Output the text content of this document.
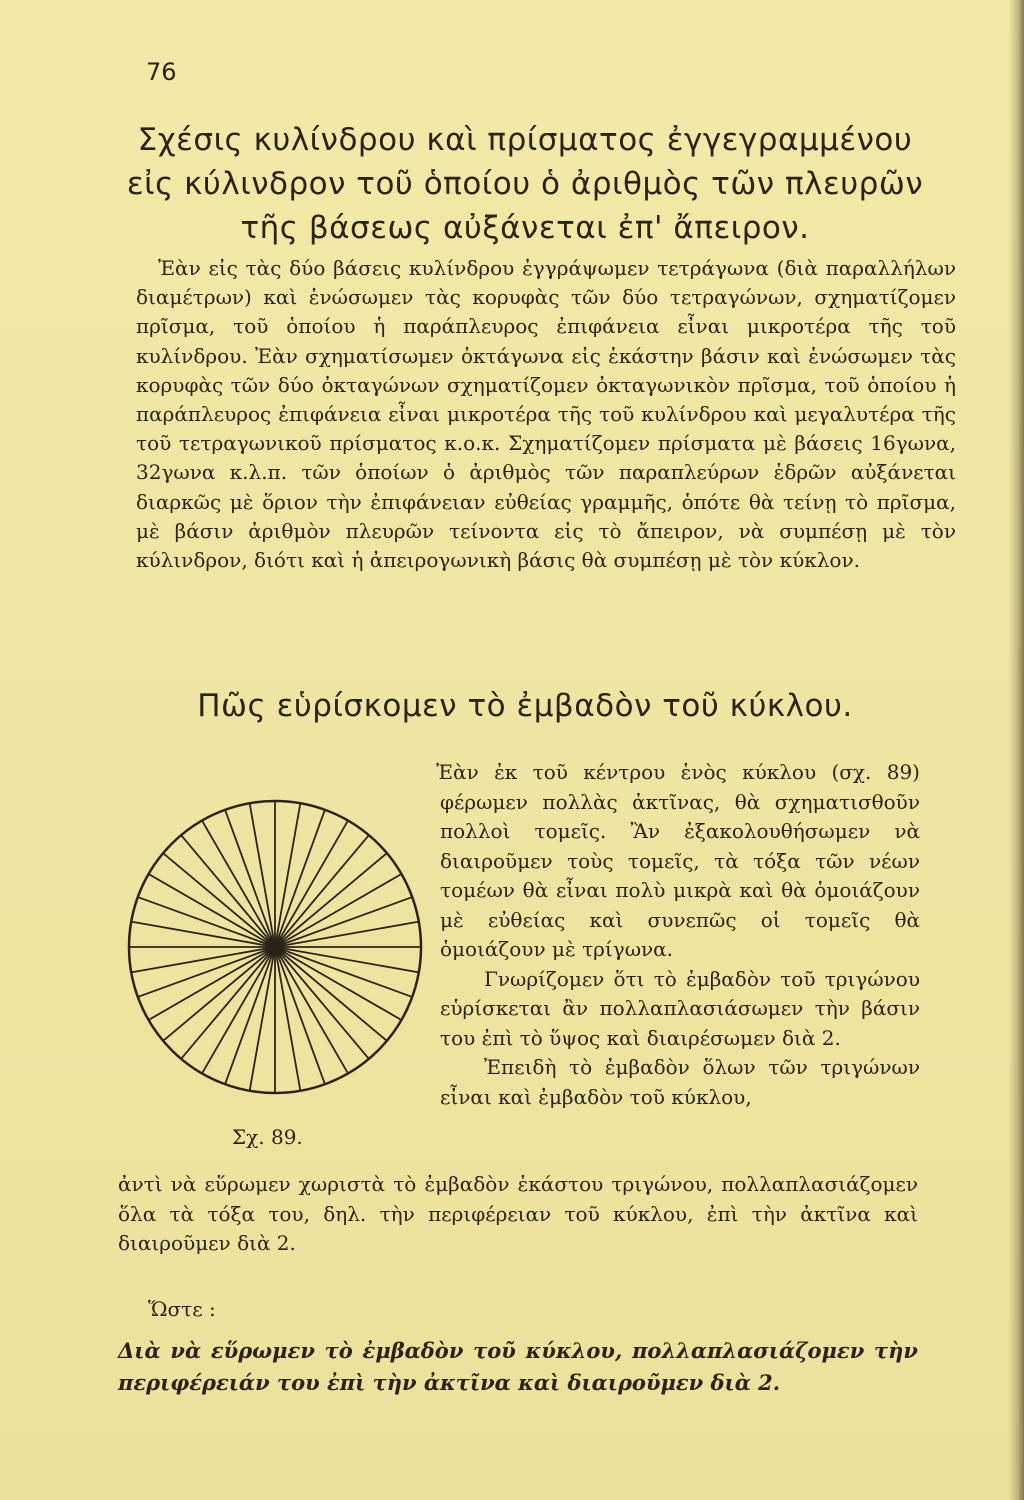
76
Σχέσις κυλίνδρου καὶ πρίσματος ἐγγεγραμμένου εἰς κύλινδρον τοῦ ὁποίου ὁ ἀριθμὸς τῶν πλευρῶν τῆς βάσεως αὐξάνεται ἐπ' ἄπειρον.
Ἐὰν εἰς τὰς δύο βάσεις κυλίνδρου ἐγγράψωμεν τετράγωνα (διὰ παραλλήλων διαμέτρων) καὶ ἑνώσωμεν τὰς κορυφὰς τῶν δύο τετραγώνων, σχηματίζομεν πρῖσμα, τοῦ ὁποίου ἡ παράπλευρος ἐπιφάνεια εἶναι μικροτέρα τῆς τοῦ κυλίνδρου. Ἐὰν σχηματίσωμεν ὀκτάγωνα εἰς ἑκάστην βάσιν καὶ ἑνώσωμεν τὰς κορυφὰς τῶν δύο ὀκταγώνων σχηματίζομεν ὀκταγωνικὸν πρῖσμα, τοῦ ὁποίου ἡ παράπλευρος ἐπιφάνεια εἶναι μικροτέρα τῆς τοῦ κυλίνδρου καὶ μεγαλυτέρα τῆς τοῦ τετραγωνικοῦ πρίσματος κ.ο.κ. Σχηματίζομεν πρίσματα μὲ βάσεις 16γωνα, 32γωνα κ.λ.π. τῶν ὁποίων ὁ ἀριθμὸς τῶν παραπλεύρων ἑδρῶν αὐξάνεται διαρκῶς μὲ ὅριον τὴν ἐπιφάνειαν εὐθείας γραμμῆς, ὁπότε θὰ τείνῃ τὸ πρῖσμα, μὲ βάσιν ἀριθμὸν πλευρῶν τείνοντα εἰς τὸ ἄπειρον, νὰ συμπέσῃ μὲ τὸν κύλινδρον, διότι καὶ ἡ ἀπειρογωνικὴ βάσις θὰ συμπέσῃ μὲ τὸν κύκλον.
Πῶς εὑρίσκομεν τὸ ἐμβαδὸν τοῦ κύκλου.
Σχ. 89.
Ἐὰν ἐκ τοῦ κέντρου ἑνὸς κύκλου (σχ. 89) φέρωμεν πολλὰς ἀκτῖνας, θὰ σχηματισθοῦν πολλοὶ τομεῖς. Ἂν ἐξακολουθήσωμεν νὰ διαιροῦμεν τοὺς τομεῖς, τὰ τόξα τῶν νέων τομέων θὰ εἶναι πολὺ μικρὰ καὶ θὰ ὁμοιάζουν μὲ εὐθείας καὶ συνεπῶς οἱ τομεῖς θὰ ὁμοιάζουν μὲ τρίγωνα.
Γνωρίζομεν ὅτι τὸ ἐμβαδὸν τοῦ τριγώνου εὑρίσκεται ἂν πολλαπλασιάσωμεν τὴν βάσιν του ἐπὶ τὸ ὕψος καὶ διαιρέσωμεν διὰ 2.
Ἐπειδὴ τὸ ἐμβαδὸν ὅλων τῶν τριγώνων εἶναι καὶ ἐμβαδὸν τοῦ κύκλου,
ἀντὶ νὰ εὕρωμεν χωριστὰ τὸ ἐμβαδὸν ἑκάστου τριγώνου, πολλαπλασιάζομεν ὅλα τὰ τόξα του, δηλ. τὴν περιφέρειαν τοῦ κύκλου, ἐπὶ τὴν ἀκτῖνα καὶ διαιροῦμεν διὰ 2.
Ὥστε :
Διὰ νὰ εὕρωμεν τὸ ἐμβαδὸν τοῦ κύκλου, πολλαπλασιάζομεν τὴν περιφέρειάν του ἐπὶ τὴν ἀκτῖνα καὶ διαιροῦμεν διὰ 2.
